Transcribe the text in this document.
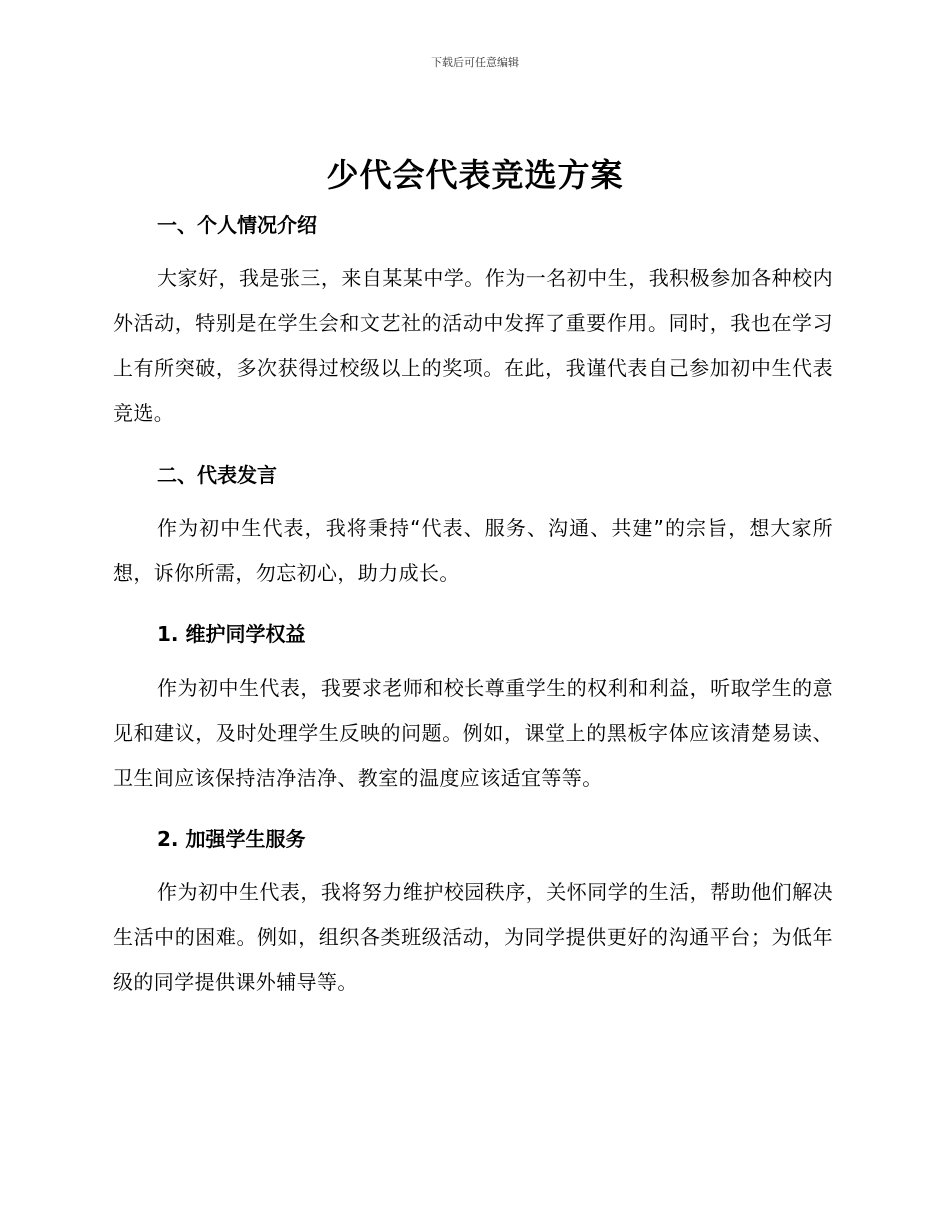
下载后可任意编辑
少代会代表竞选方案
一、个人情况介绍

大家好，我是张三，来自某某中学。作为一名初中生，我积极参加各种校内外活动，特别是在学生会和文艺社的活动中发挥了重要作用。同时，我也在学习上有所突破，多次获得过校级以上的奖项。在此，我谨代表自己参加初中生代表竞选。

二、代表发言

作为初中生代表，我将秉持“代表、服务、沟通、共建”的宗旨，想大家所想，诉你所需，勿忘初心，助力成长。

1. 维护同学权益

作为初中生代表，我要求老师和校长尊重学生的权利和利益，听取学生的意见和建议，及时处理学生反映的问题。例如，课堂上的黑板字体应该清楚易读、卫生间应该保持洁净洁净、教室的温度应该适宜等等。

2. 加强学生服务

作为初中生代表，我将努力维护校园秩序，关怀同学的生活，帮助他们解决生活中的困难。例如，组织各类班级活动，为同学提供更好的沟通平台；为低年级的同学提供课外辅导等。
